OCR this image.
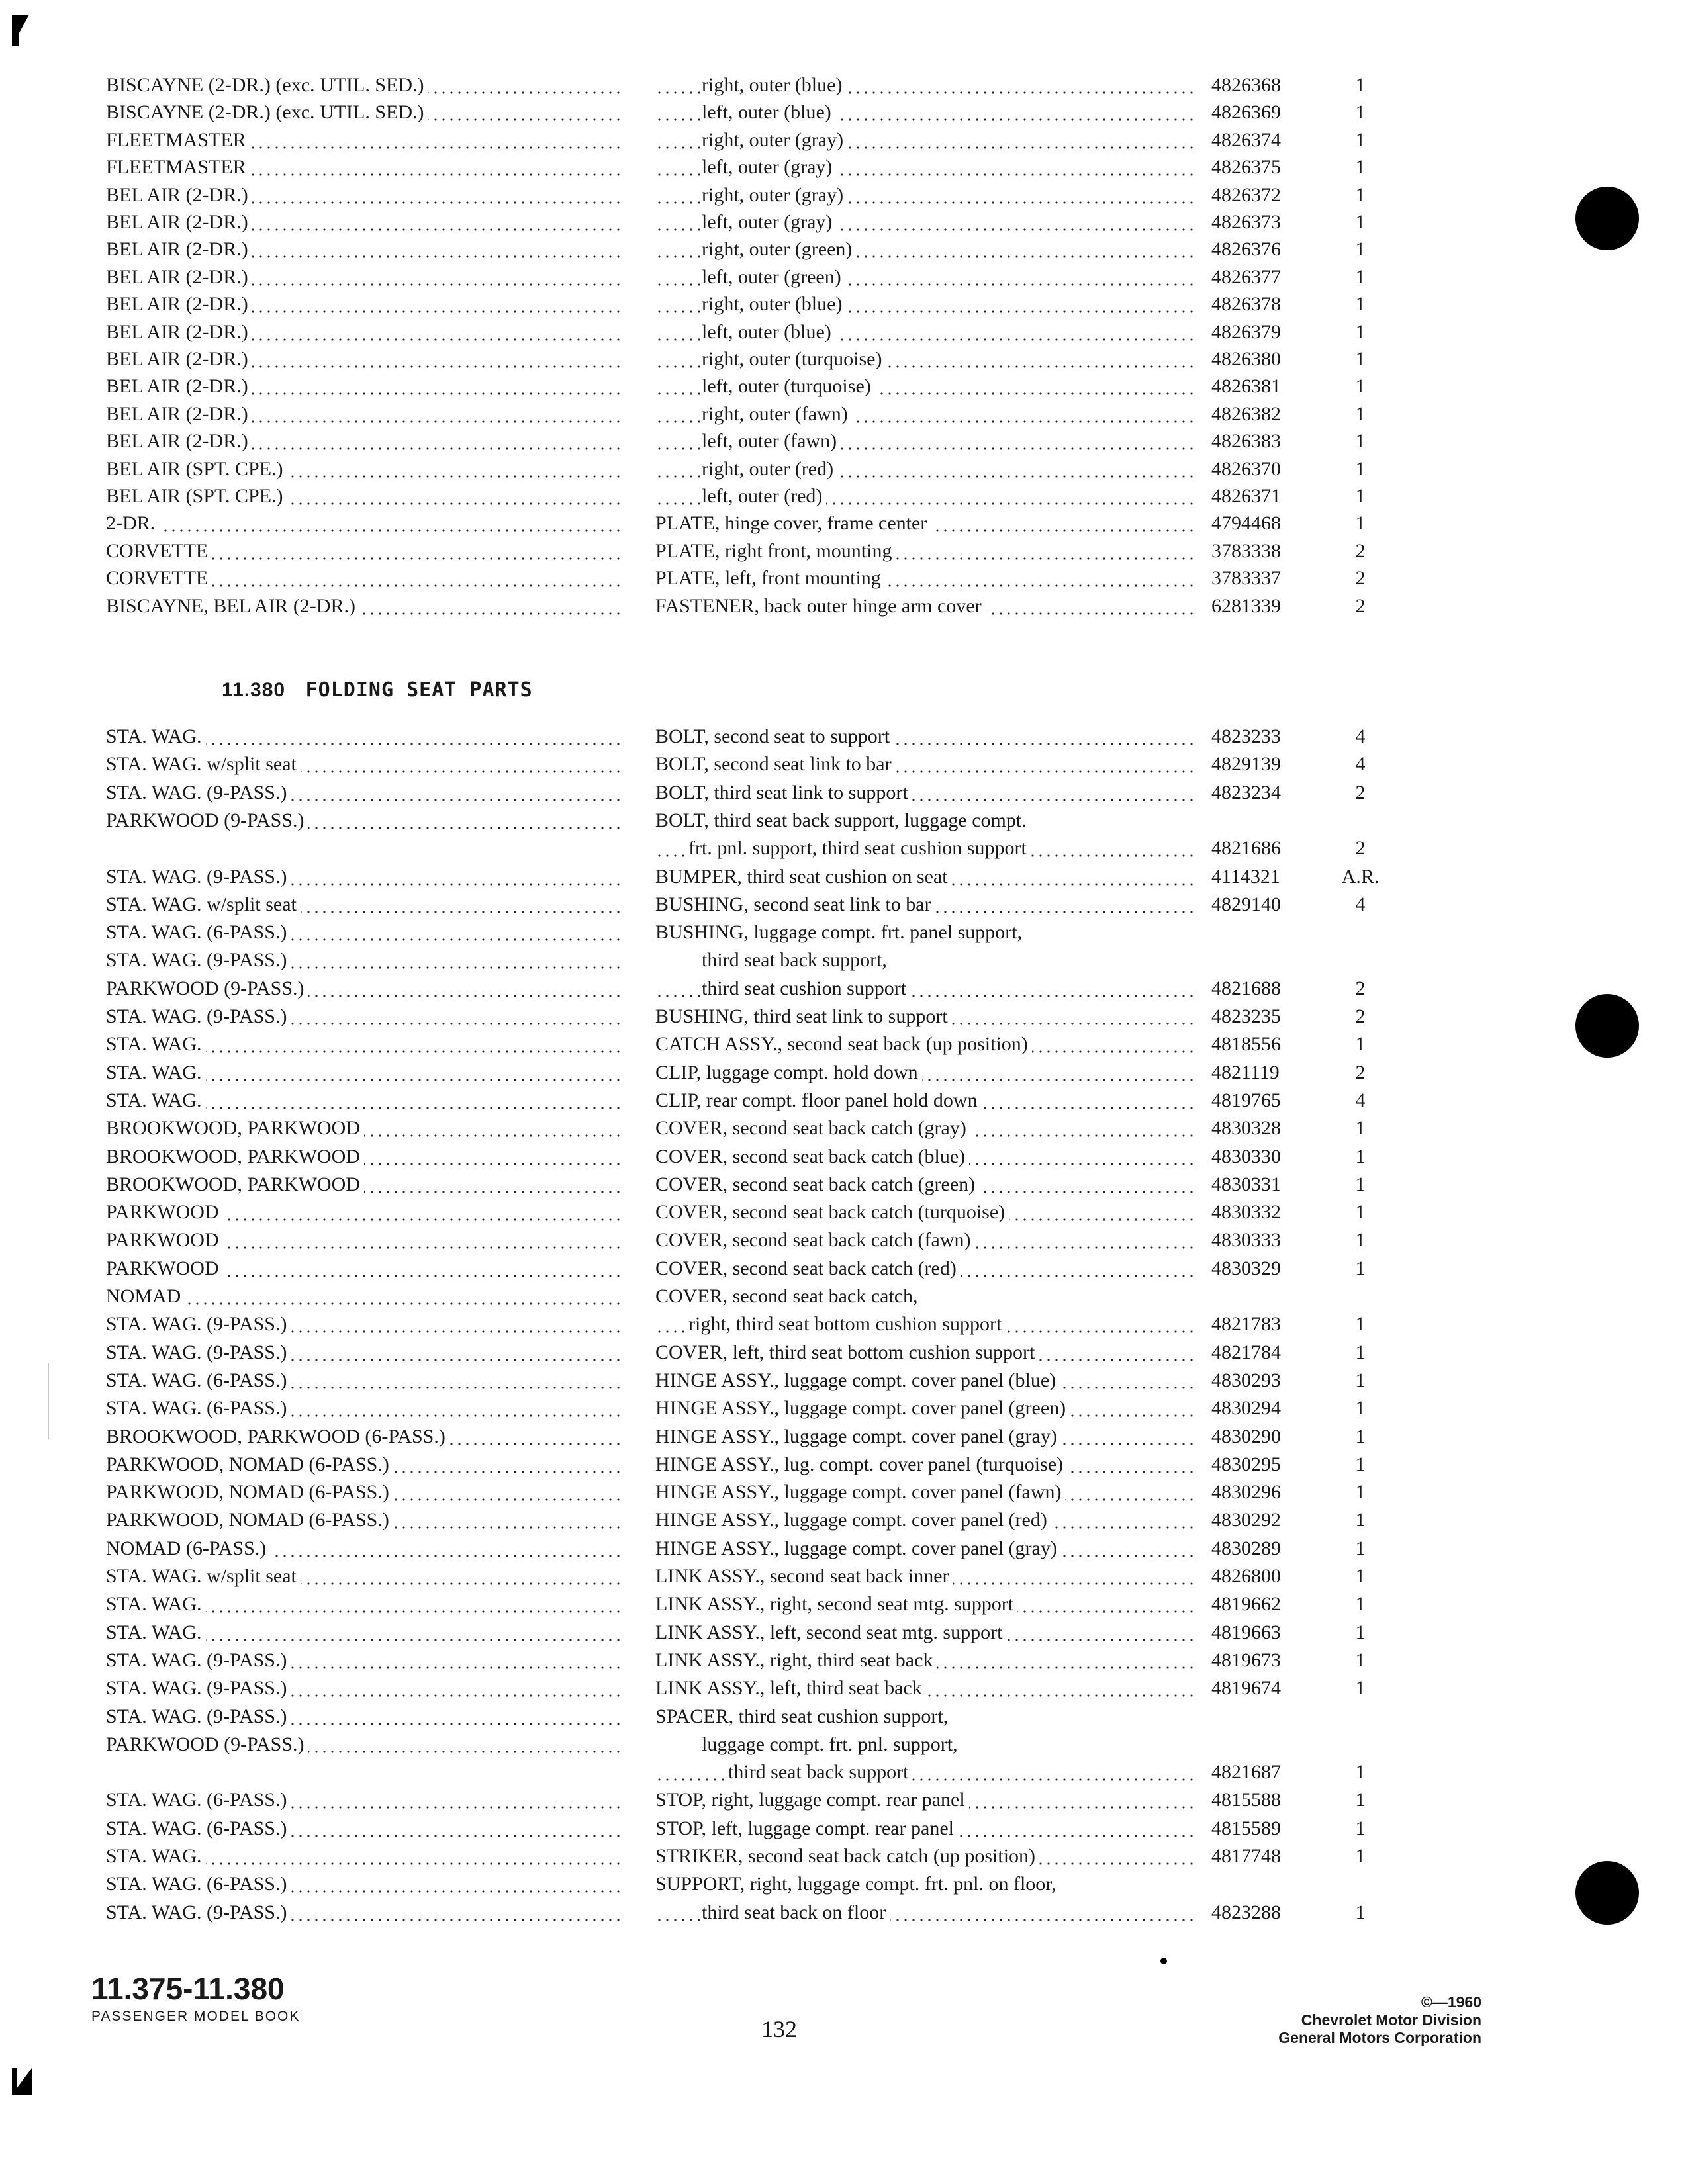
BISCAYNE (2-DR.) (exc. UTIL. SED.)	right, outer (blue)	4826368	1
BISCAYNE (2-DR.) (exc. UTIL. SED.)	left, outer (blue)	4826369	1
FLEETMASTER	right, outer (gray)	4826374	1
FLEETMASTER	left, outer (gray)	4826375	1
BEL AIR (2-DR.)	right, outer (gray)	4826372	1
BEL AIR (2-DR.)	left, outer (gray)	4826373	1
BEL AIR (2-DR.)	right, outer (green)	4826376	1
BEL AIR (2-DR.)	left, outer (green)	4826377	1
BEL AIR (2-DR.)	right, outer (blue)	4826378	1
BEL AIR (2-DR.)	left, outer (blue)	4826379	1
BEL AIR (2-DR.)	right, outer (turquoise)	4826380	1
BEL AIR (2-DR.)	left, outer (turquoise)	4826381	1
BEL AIR (2-DR.)	right, outer (fawn)	4826382	1
BEL AIR (2-DR.)	left, outer (fawn)	4826383	1
BEL AIR (SPT. CPE.)	right, outer (red)	4826370	1
BEL AIR (SPT. CPE.)	left, outer (red)	4826371	1
2-DR.	PLATE, hinge cover, frame center	4794468	1
CORVETTE	PLATE, right front, mounting	3783338	2
CORVETTE	PLATE, left, front mounting	3783337	2
BISCAYNE, BEL AIR (2-DR.)	FASTENER, back outer hinge arm cover	6281339	2
11.380 FOLDING SEAT PARTS
STA. WAG.	BOLT, second seat to support	4823233	4
STA. WAG. w/split seat	BOLT, second seat link to bar	4829139	4
STA. WAG. (9-PASS.)	BOLT, third seat link to support	4823234	2
PARKWOOD (9-PASS.)	BOLT, third seat back support, luggage compt.
frt. pnl. support, third seat cushion support	4821686	2
STA. WAG. (9-PASS.)	BUMPER, third seat cushion on seat	4114321	A.R.
STA. WAG. w/split seat	BUSHING, second seat link to bar	4829140	4
STA. WAG. (6-PASS.)	BUSHING, luggage compt. frt. panel support,
STA. WAG. (9-PASS.)	third seat back support,
PARKWOOD (9-PASS.)	third seat cushion support	4821688	2
STA. WAG. (9-PASS.)	BUSHING, third seat link to support	4823235	2
STA. WAG.	CATCH ASSY., second seat back (up position)	4818556	1
STA. WAG.	CLIP, luggage compt. hold down	4821119	2
STA. WAG.	CLIP, rear compt. floor panel hold down	4819765	4
BROOKWOOD, PARKWOOD	COVER, second seat back catch (gray)	4830328	1
BROOKWOOD, PARKWOOD	COVER, second seat back catch (blue)	4830330	1
BROOKWOOD, PARKWOOD	COVER, second seat back catch (green)	4830331	1
PARKWOOD	COVER, second seat back catch (turquoise)	4830332	1
PARKWOOD	COVER, second seat back catch (fawn)	4830333	1
PARKWOOD	COVER, second seat back catch (red)	4830329	1
NOMAD	COVER, second seat back catch,
STA. WAG. (9-PASS.)	right, third seat bottom cushion support	4821783	1
STA. WAG. (9-PASS.)	COVER, left, third seat bottom cushion support	4821784	1
STA. WAG. (6-PASS.)	HINGE ASSY., luggage compt. cover panel (blue)	4830293	1
STA. WAG. (6-PASS.)	HINGE ASSY., luggage compt. cover panel (green)	4830294	1
BROOKWOOD, PARKWOOD (6-PASS.)	HINGE ASSY., luggage compt. cover panel (gray)	4830290	1
PARKWOOD, NOMAD (6-PASS.)	HINGE ASSY., lug. compt. cover panel (turquoise)	4830295	1
PARKWOOD, NOMAD (6-PASS.)	HINGE ASSY., luggage compt. cover panel (fawn)	4830296	1
PARKWOOD, NOMAD (6-PASS.)	HINGE ASSY., luggage compt. cover panel (red)	4830292	1
NOMAD (6-PASS.)	HINGE ASSY., luggage compt. cover panel (gray)	4830289	1
STA. WAG. w/split seat	LINK ASSY., second seat back inner	4826800	1
STA. WAG.	LINK ASSY., right, second seat mtg. support	4819662	1
STA. WAG.	LINK ASSY., left, second seat mtg. support	4819663	1
STA. WAG. (9-PASS.)	LINK ASSY., right, third seat back	4819673	1
STA. WAG. (9-PASS.)	LINK ASSY., left, third seat back	4819674	1
STA. WAG. (9-PASS.)	SPACER, third seat cushion support,
PARKWOOD (9-PASS.)	luggage compt. frt. pnl. support,
third seat back support	4821687	1
STA. WAG. (6-PASS.)	STOP, right, luggage compt. rear panel	4815588	1
STA. WAG. (6-PASS.)	STOP, left, luggage compt. rear panel	4815589	1
STA. WAG.	STRIKER, second seat back catch (up position)	4817748	1
STA. WAG. (6-PASS.)	SUPPORT, right, luggage compt. frt. pnl. on floor,
STA. WAG. (9-PASS.)	third seat back on floor	4823288	1
11.375-11.380
PASSENGER MODEL BOOK	132
©—1960
Chevrolet Motor Division
General Motors Corporation
